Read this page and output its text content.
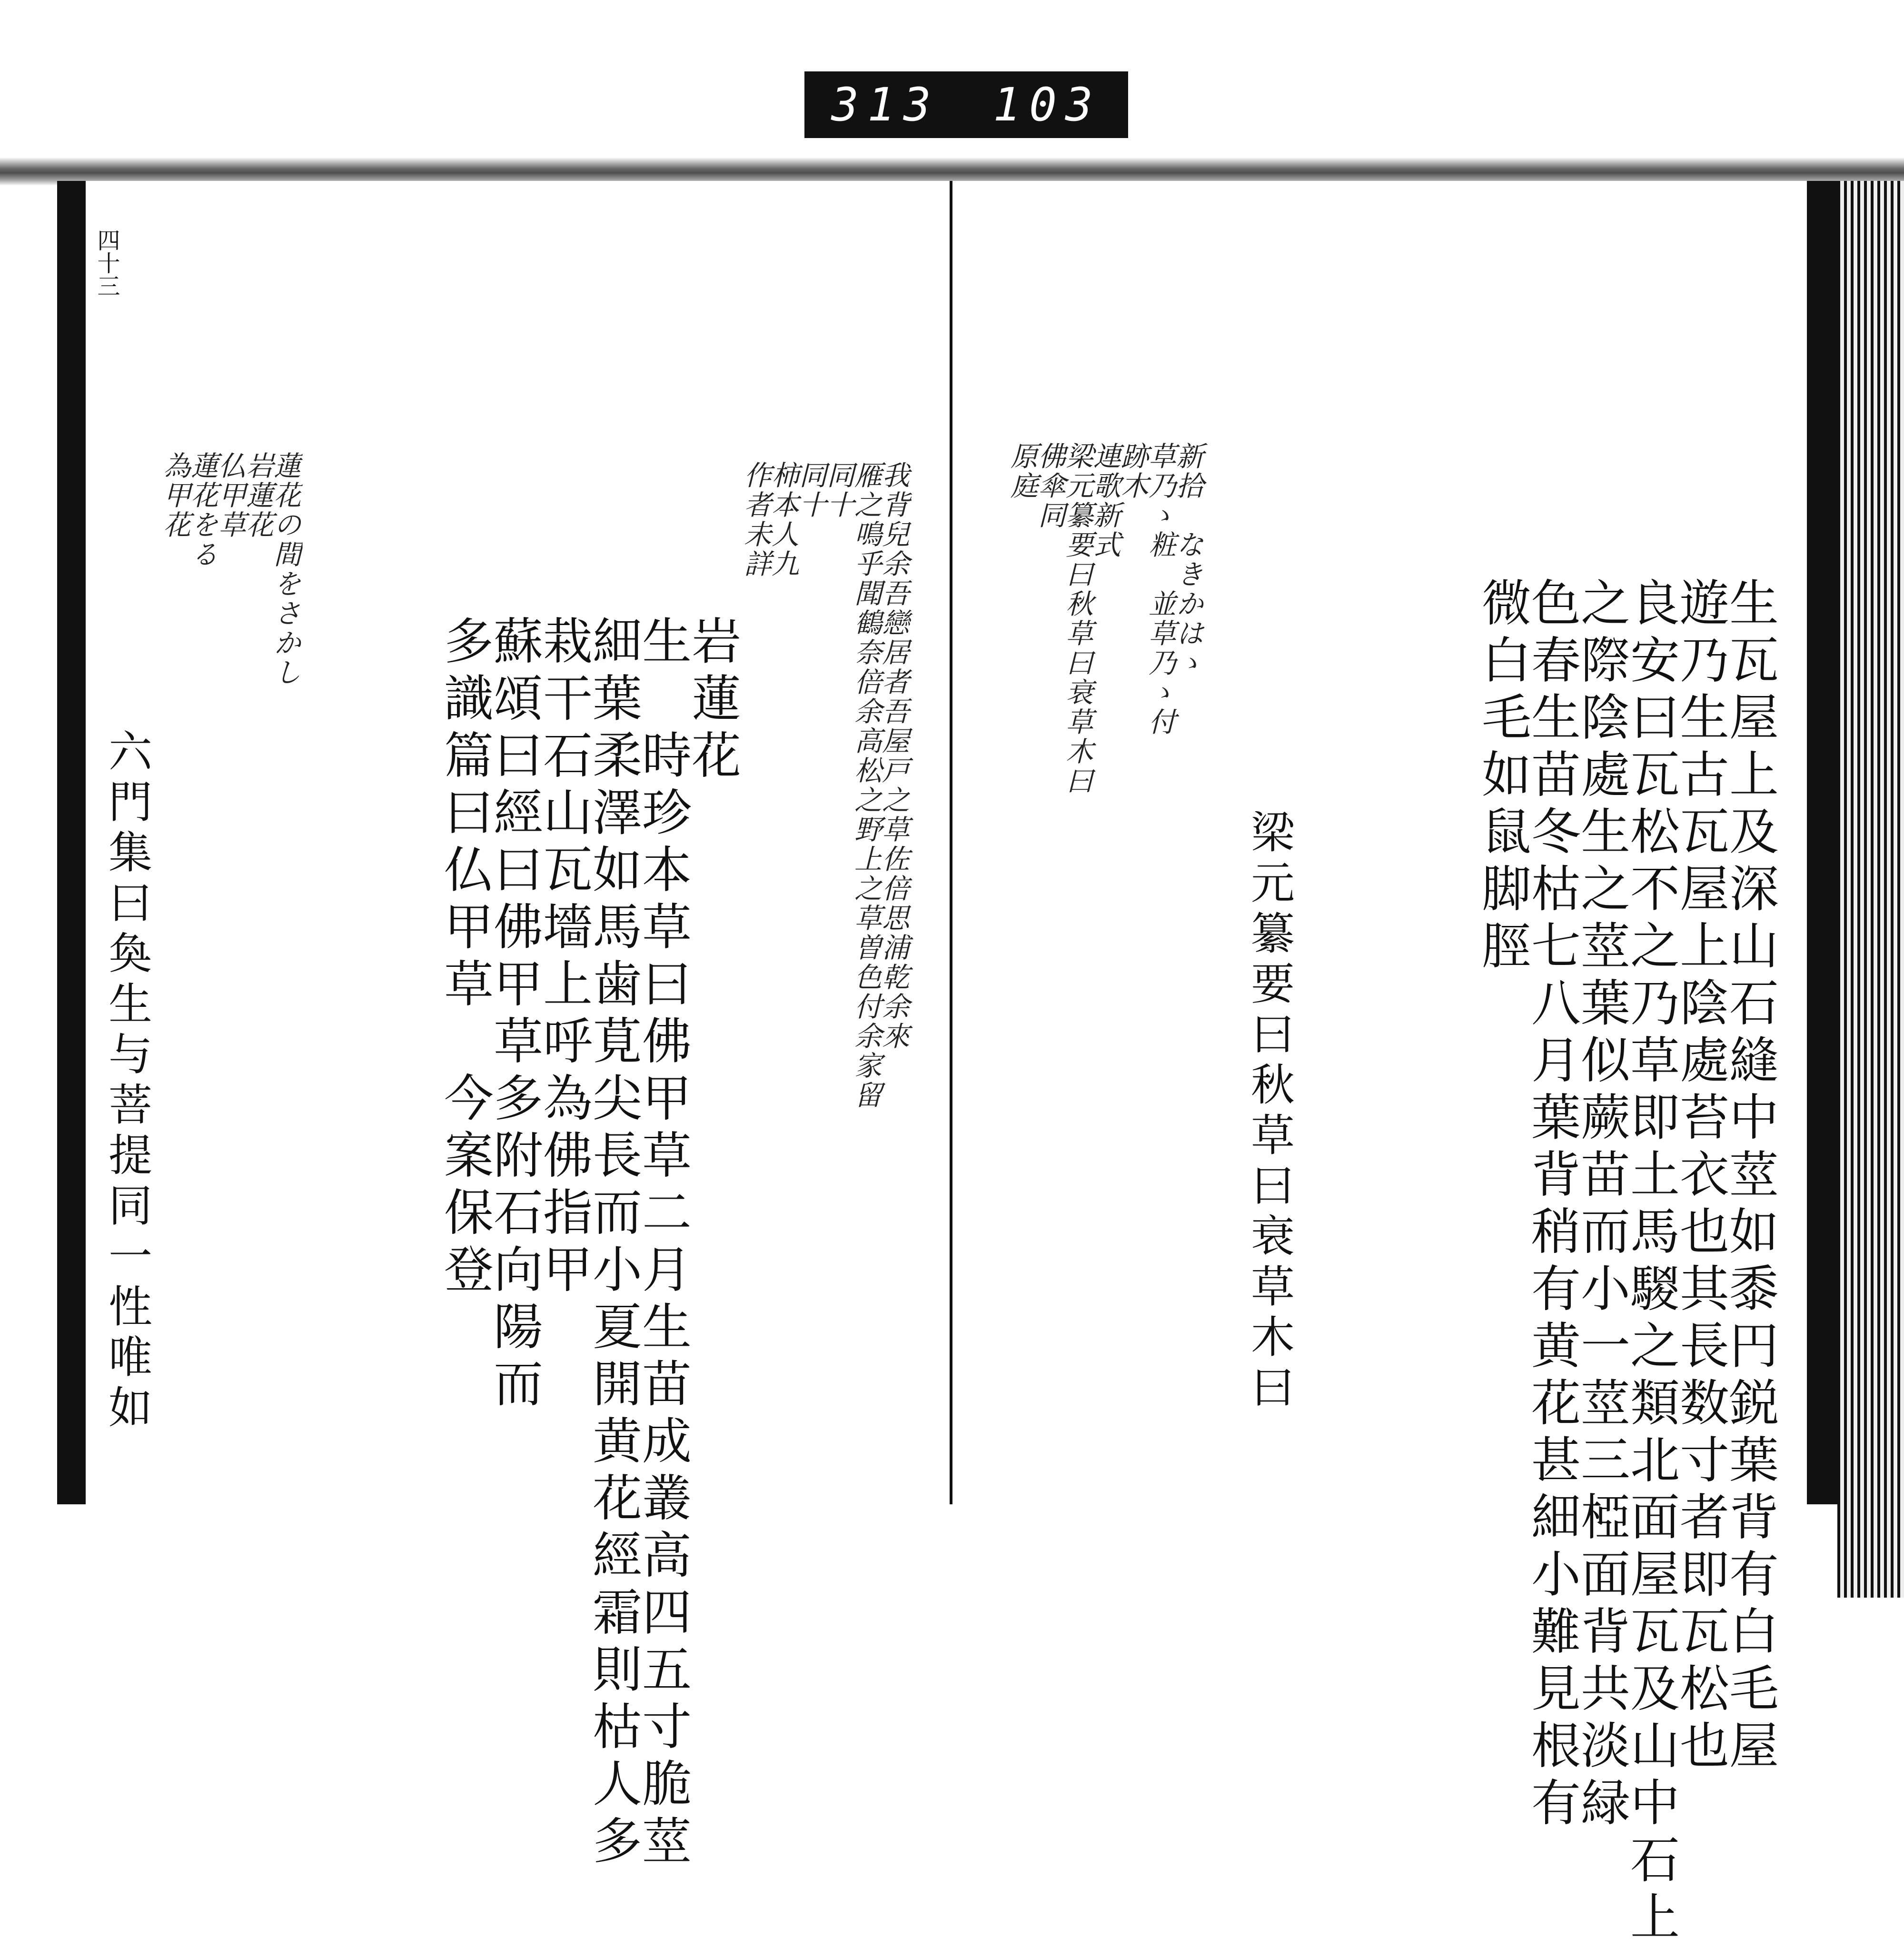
313 103
四十三	四十二

生瓦屋上及深山石縫中莖如黍円鋭葉背有白毛屋
遊乃生古瓦屋上陰處苔衣也其長数寸者即瓦松也
良安曰瓦松不之乃草即土馬騣之類北面屋瓦及山中石上
之際陰處生之莖葉似蕨苗而小一莖三椏面背共淡緑
色春生苗冬枯七八月葉背稍有黄花甚細小難見根有
微白毛如鼠脚脛

新拾　なきかはゝ
草乃ゝ粧　並草乃ゝ付
跡木
連歌新式
梁元纂要曰秋草曰衰草木曰
佛傘同
原庭

梁元纂要曰秋草曰衰草木曰

我背兒余吾戀居者吾屋戸之草佐倍思浦乾余來
雁之鳴乎聞鶴奈倍余高松之野上之草曽色付余家留
同十
同十
柿本人九
作者未詳

岩蓮花
生　時珍本草曰佛甲草二月生苗成叢高四五寸脆莖
細葉柔澤如馬歯莧尖長而小夏開黄花經霜則枯人多
栽干石山瓦墻上呼為佛指甲
蘇頌曰經曰佛甲草多附石向陽而
多識篇曰仏甲草　今案保登

蓮花の間をさかし
岩蓮花
仏甲草
蓮花をる
為甲花

六門集曰奐生与菩提同一性唯如
